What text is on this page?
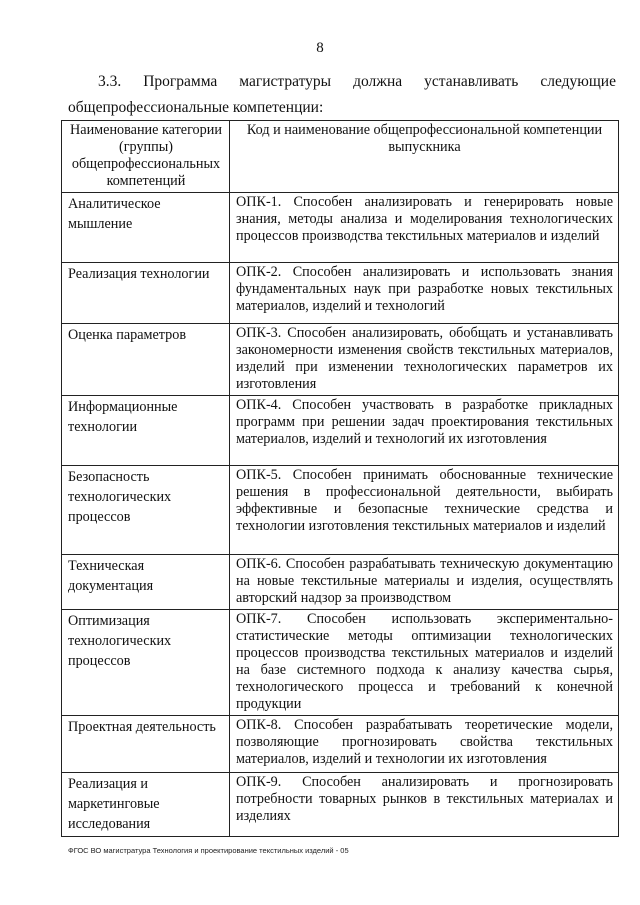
8
3.3. Программа магистратуры должна устанавливать следующие
общепрофессиональные компетенции:
Наименование категории (группы) общепрофессиональных компетенций	Код и наименование общепрофессиональной компетенции выпускника
Аналитическое мышление	ОПК-1. Способен анализировать и генерировать новые знания, методы анализа и моделирования технологических процессов производства текстильных материалов и изделий
Реализация технологии	ОПК-2. Способен анализировать и использовать знания фундаментальных наук при разработке новых текстильных материалов, изделий и технологий
Оценка параметров	ОПК-3. Способен анализировать, обобщать и устанавливать закономерности изменения свойств текстильных материалов, изделий при изменении технологических параметров их изготовления
Информационные технологии	ОПК-4. Способен участвовать в разработке прикладных программ при решении задач проектирования текстильных материалов, изделий и технологий их изготовления
Безопасность технологических процессов	ОПК-5. Способен принимать обоснованные технические решения в профессиональной деятельности, выбирать эффективные и безопасные технические средства и технологии изготовления текстильных материалов и изделий
Техническая документация	ОПК-6. Способен разрабатывать техническую документацию на новые текстильные материалы и изделия, осуществлять авторский надзор за производством
Оптимизация технологических процессов	ОПК-7. Способен использовать экспериментально-статистические методы оптимизации технологических процессов производства текстильных материалов и изделий на базе системного подхода к анализу качества сырья, технологического процесса и требований к конечной продукции
Проектная деятельность	ОПК-8. Способен разрабатывать теоретические модели, позволяющие прогнозировать свойства текстильных материалов, изделий и технологии их изготовления
Реализация и маркетинговые исследования	ОПК-9. Способен анализировать и прогнозировать потребности товарных рынков в текстильных материалах и изделиях
ФГОС ВО магистратура Технология и проектирование текстильных изделий - 05
